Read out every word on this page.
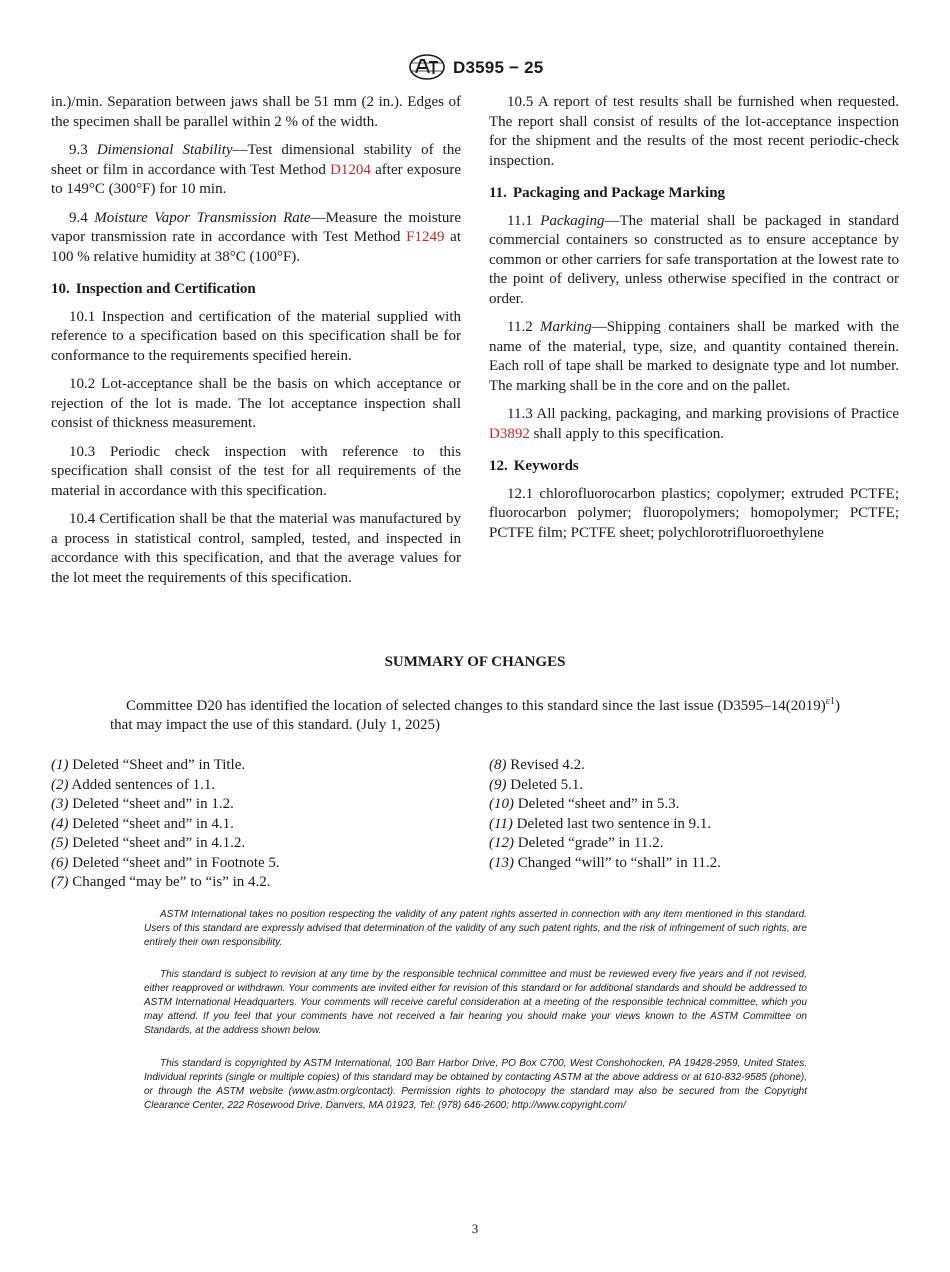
D3595 − 25

in.)/min. Separation between jaws shall be 51 mm (2 in.). Edges of the specimen shall be parallel within 2 % of the width.

9.3 Dimensional Stability—Test dimensional stability of the sheet or film in accordance with Test Method D1204 after exposure to 149°C (300°F) for 10 min.

9.4 Moisture Vapor Transmission Rate—Measure the moisture vapor transmission rate in accordance with Test Method F1249 at 100 % relative humidity at 38°C (100°F).

10. Inspection and Certification

10.1 Inspection and certification of the material supplied with reference to a specification based on this specification shall be for conformance to the requirements specified herein.

10.2 Lot-acceptance shall be the basis on which acceptance or rejection of the lot is made. The lot acceptance inspection shall consist of thickness measurement.

10.3 Periodic check inspection with reference to this specification shall consist of the test for all requirements of the material in accordance with this specification.

10.4 Certification shall be that the material was manufactured by a process in statistical control, sampled, tested, and inspected in accordance with this specification, and that the average values for the lot meet the requirements of this specification.

10.5 A report of test results shall be furnished when requested. The report shall consist of results of the lot-acceptance inspection for the shipment and the results of the most recent periodic-check inspection.

11. Packaging and Package Marking

11.1 Packaging—The material shall be packaged in standard commercial containers so constructed as to ensure acceptance by common or other carriers for safe transportation at the lowest rate to the point of delivery, unless otherwise specified in the contract or order.

11.2 Marking—Shipping containers shall be marked with the name of the material, type, size, and quantity contained therein. Each roll of tape shall be marked to designate type and lot number. The marking shall be in the core and on the pallet.

11.3 All packing, packaging, and marking provisions of Practice D3892 shall apply to this specification.

12. Keywords

12.1 chlorofluorocarbon plastics; copolymer; extruded PCTFE; fluorocarbon polymer; fluoropolymers; homopolymer; PCTFE; PCTFE film; PCTFE sheet; polychlorotrifluoroethylene

SUMMARY OF CHANGES
Committee D20 has identified the location of selected changes to this standard since the last issue $(D3595-14(2019)^{\varepsilon 1})$ that may impact the use of this standard. (July 1, 2025)
(1) Deleted “Sheet and” in Title.
(2) Added sentences of 1.1.
(3) Deleted “sheet and” in 1.2.
(4) Deleted “sheet and” in 4.1.
(5) Deleted “sheet and” in 4.1.2.
(6) Deleted “sheet and” in Footnote 5.
(7) Changed “may be” to “is” in 4.2.
(8) Revised 4.2.
(9) Deleted 5.1.
(10) Deleted “sheet and” in 5.3.
(11) Deleted last two sentence in 9.1.
(12) Deleted “grade” in 11.2.
(13) Changed “will” to “shall” in 11.2.

ASTM International takes no position respecting the validity of any patent rights asserted in connection with any item mentioned in this standard. Users of this standard are expressly advised that determination of the validity of any such patent rights, and the risk of infringement of such rights, are entirely their own responsibility.

This standard is subject to revision at any time by the responsible technical committee and must be reviewed every five years and if not revised, either reapproved or withdrawn. Your comments are invited either for revision of this standard or for additional standards and should be addressed to ASTM International Headquarters. Your comments will receive careful consideration at a meeting of the responsible technical committee, which you may attend. If you feel that your comments have not received a fair hearing you should make your views known to the ASTM Committee on Standards, at the address shown below.

This standard is copyrighted by ASTM International, 100 Barr Harbor Drive, PO Box C700, West Conshohocken, PA 19428-2959, United States. Individual reprints (single or multiple copies) of this standard may be obtained by contacting ASTM at the above address or at 610-832-9585 (phone), or through the ASTM website (www.astm.org/contact). Permission rights to photocopy the standard may also be secured from the Copyright Clearance Center, 222 Rosewood Drive, Danvers, MA 01923, Tel: (978) 646-2600; http://www.copyright.com/

3
